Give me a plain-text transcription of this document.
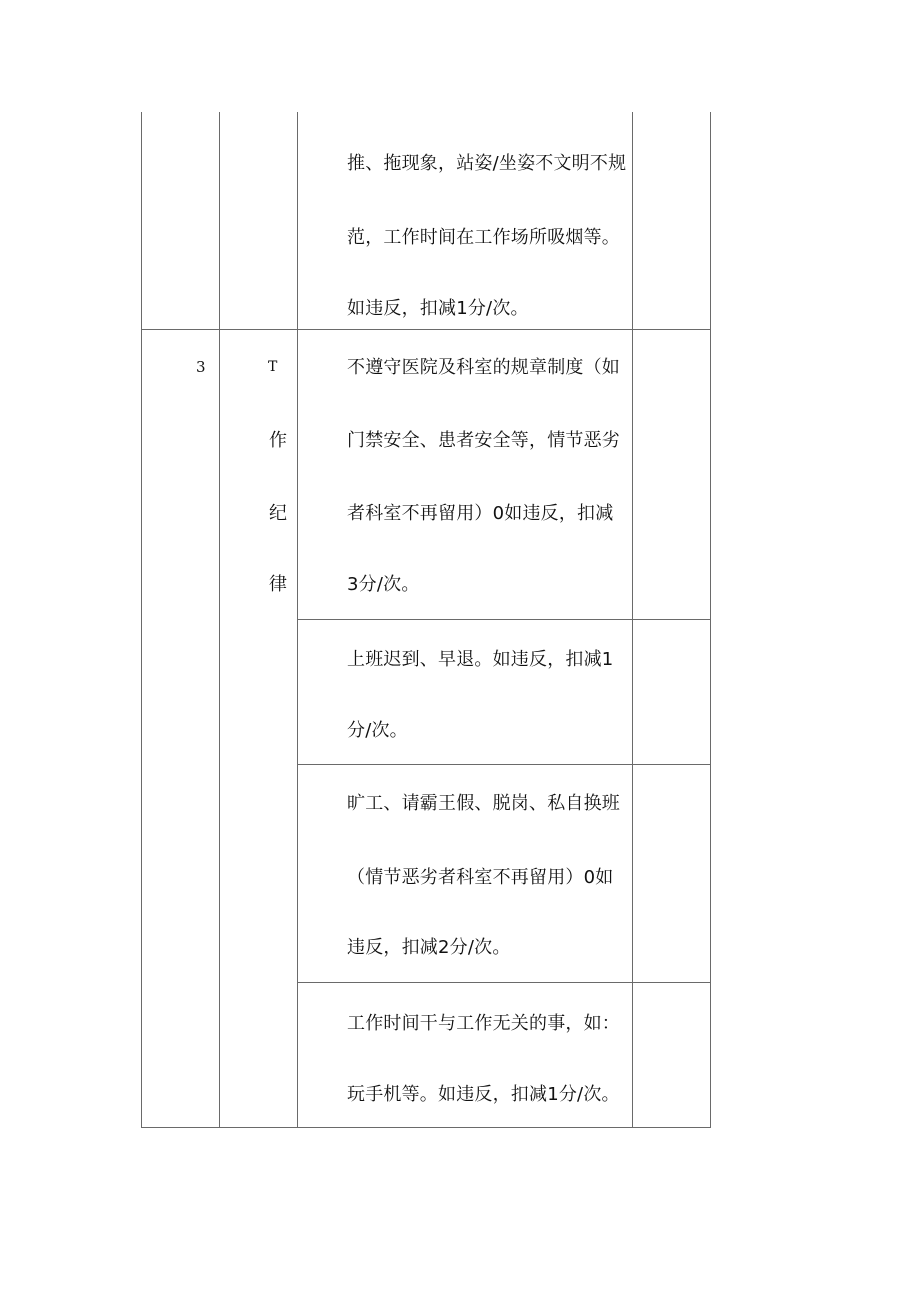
推、拖现象，站姿/坐姿不文明不规
范，工作时间在工作场所吸烟等。
如违反，扣减1分/次。
3	T
作
纪
律
不遵守医院及科室的规章制度（如
门禁安全、患者安全等，情节恶劣
者科室不再留用）0如违反，扣减
3分/次。
上班迟到、早退。如违反，扣减1
分/次。
旷工、请霸王假、脱岗、私自换班
（情节恶劣者科室不再留用）0如
违反，扣减2分/次。
工作时间干与工作无关的事，如：
玩手机等。如违反，扣减1分/次。
